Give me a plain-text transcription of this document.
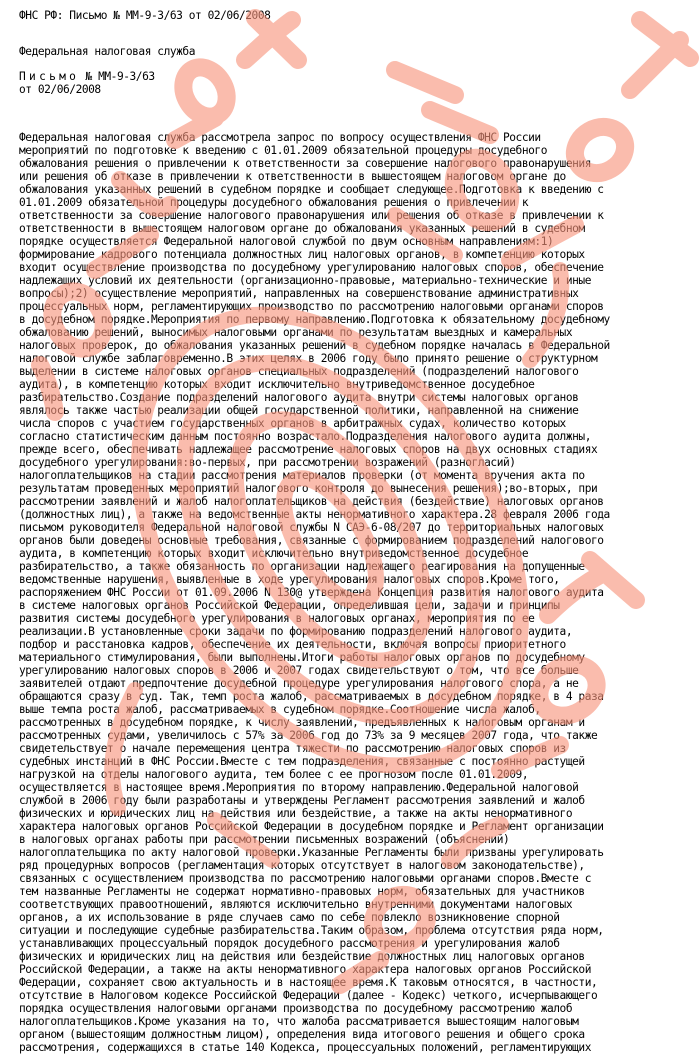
ФНС РФ: Письмо № ММ-9-3/63 от 02/06/2008
Федеральная налоговая служба
Письмо № ММ-9-3/63
от 02/06/2008
Федеральная налоговая служба рассмотрела запрос по вопросу осуществления ФНС России
мероприятий по подготовке к введению с 01.01.2009 обязательной процедуры досудебного
обжалования решения о привлечении к ответственности за совершение налогового правонарушения
или решения об отказе в привлечении к ответственности в вышестоящем налоговом органе до
обжалования указанных решений в судебном порядке и сообщает следующее.Подготовка к введению с
01.01.2009 обязательной процедуры досудебного обжалования решения о привлечении к
ответственности за совершение налогового правонарушения или решения об отказе в привлечении к
ответственности в вышестоящем налоговом органе до обжалования указанных решений в судебном
порядке осуществляется Федеральной налоговой службой по двум основным направлениям:1)
формирование кадрового потенциала должностных лиц налоговых органов, в компетенцию которых
входит осуществление производства по досудебному урегулированию налоговых споров, обеспечение
надлежащих условий их деятельности (организационно-правовые, материально-технические и иные
вопросы);2) осуществление мероприятий, направленных на совершенствование административных
процессуальных норм, регламентирующих производство по рассмотрению налоговыми органами споров
в досудебном порядке.Мероприятия по первому направлению.Подготовка к обязательному досудебному
обжалованию решений, выносимых налоговыми органами по результатам выездных и камеральных
налоговых проверок, до обжалования указанных решений в судебном порядке началась в Федеральной
налоговой службе заблаговременно.В этих целях в 2006 году было принято решение о структурном
выделении в системе налоговых органов специальных подразделений (подразделений налогового
аудита), в компетенцию которых входит исключительно внутриведомственное досудебное
разбирательство.Создание подразделений налогового аудита внутри системы налоговых органов
являлось также частью реализации общей государственной политики, направленной на снижение
числа споров с участием государственных органов в арбитражных судах, количество которых
согласно статистическим данным постоянно возрастало.Подразделения налогового аудита должны,
прежде всего, обеспечивать надлежащее рассмотрение налоговых споров на двух основных стадиях
досудебного урегулирования:во-первых, при рассмотрении возражений (разногласий)
налогоплательщиков на стадии рассмотрения материалов проверки (от момента вручения акта по
результатам проведенных мероприятий налогового контроля до вынесения решения);во-вторых, при
рассмотрении заявлений и жалоб налогоплательщиков на действия (бездействие) налоговых органов
(должностных лиц), а также на ведомственные акты ненормативного характера.28 февраля 2006 года
письмом руководителя Федеральной налоговой службы N САЭ-6-08/207 до территориальных налоговых
органов были доведены основные требования, связанные с формированием подразделений налогового
аудита, в компетенцию которых входит исключительно внутриведомственное досудебное
разбирательство, а также обязанность по организации надлежащего реагирования на допущенные
ведомственные нарушения, выявленные в ходе урегулирования налоговых споров.Кроме того,
распоряжением ФНС России от 01.09.2006 N 130@ утверждена Концепция развития налогового аудита
в системе налоговых органов Российской Федерации, определившая цели, задачи и принципы
развития системы досудебного урегулирования в налоговых органах, мероприятия по ее
реализации.В установленные сроки задачи по формированию подразделений налогового аудита,
подбор и расстановка кадров, обеспечение их деятельности, включая вопросы приоритетного
материального стимулирования, были выполнены.Итоги работы налоговых органов по досудебному
урегулированию налоговых споров в 2006 и 2007 годах свидетельствуют о том, что все больше
заявителей отдают предпочтение досудебной процедуре урегулирования налогового спора, а не
обращаются сразу в суд. Так, темп роста жалоб, рассматриваемых в досудебном порядке, в 4 раза
выше темпа роста жалоб, рассматриваемых в судебном порядке.Соотношение числа жалоб,
рассмотренных в досудебном порядке, к числу заявлений, предъявленных к налоговым органам и
рассмотренных судами, увеличилось с 57% за 2006 год до 73% за 9 месяцев 2007 года, что также
свидетельствует о начале перемещения центра тяжести по рассмотрению налоговых споров из
судебных инстанций в ФНС России.Вместе с тем подразделения, связанные с постоянно растущей
нагрузкой на отделы налогового аудита, тем более с ее прогнозом после 01.01.2009,
осуществляется в настоящее время.Мероприятия по второму направлению.Федеральной налоговой
службой в 2006 году были разработаны и утверждены Регламент рассмотрения заявлений и жалоб
физических и юридических лиц на действия или бездействие, а также на акты ненормативного
характера налоговых органов Российской Федерации в досудебном порядке и Регламент организации
в налоговых органах работы при рассмотрении письменных возражений (объяснений)
налогоплательщика по акту налоговой проверки.Указанные Регламенты были призваны урегулировать
ряд процедурных вопросов (регламентация которых отсутствует в налоговом законодательстве),
связанных с осуществлением производства по рассмотрению налоговыми органами споров.Вместе с
тем названные Регламенты не содержат нормативно-правовых норм, обязательных для участников
соответствующих правоотношений, являются исключительно внутренними документами налоговых
органов, а их использование в ряде случаев само по себе повлекло возникновение спорной
ситуации и последующие судебные разбирательства.Таким образом, проблема отсутствия ряда норм,
устанавливающих процессуальный порядок досудебного рассмотрения и урегулирования жалоб
физических и юридических лиц на действия или бездействие должностных лиц налоговых органов
Российской Федерации, а также на акты ненормативного характера налоговых органов Российской
Федерации, сохраняет свою актуальность и в настоящее время.К таковым относятся, в частности,
отсутствие в Налоговом кодексе Российской Федерации (далее - Кодекс) четкого, исчерпывающего
порядка осуществления налоговыми органами производства по досудебному рассмотрению жалоб
налогоплательщиков.Кроме указания на то, что жалоба рассматривается вышестоящим налоговым
органом (вышестоящим должностным лицом), определения вида итогового решения и общего срока
рассмотрения, содержащихся в статье 140 Кодекса, процессуальных положений, регламентирующих
